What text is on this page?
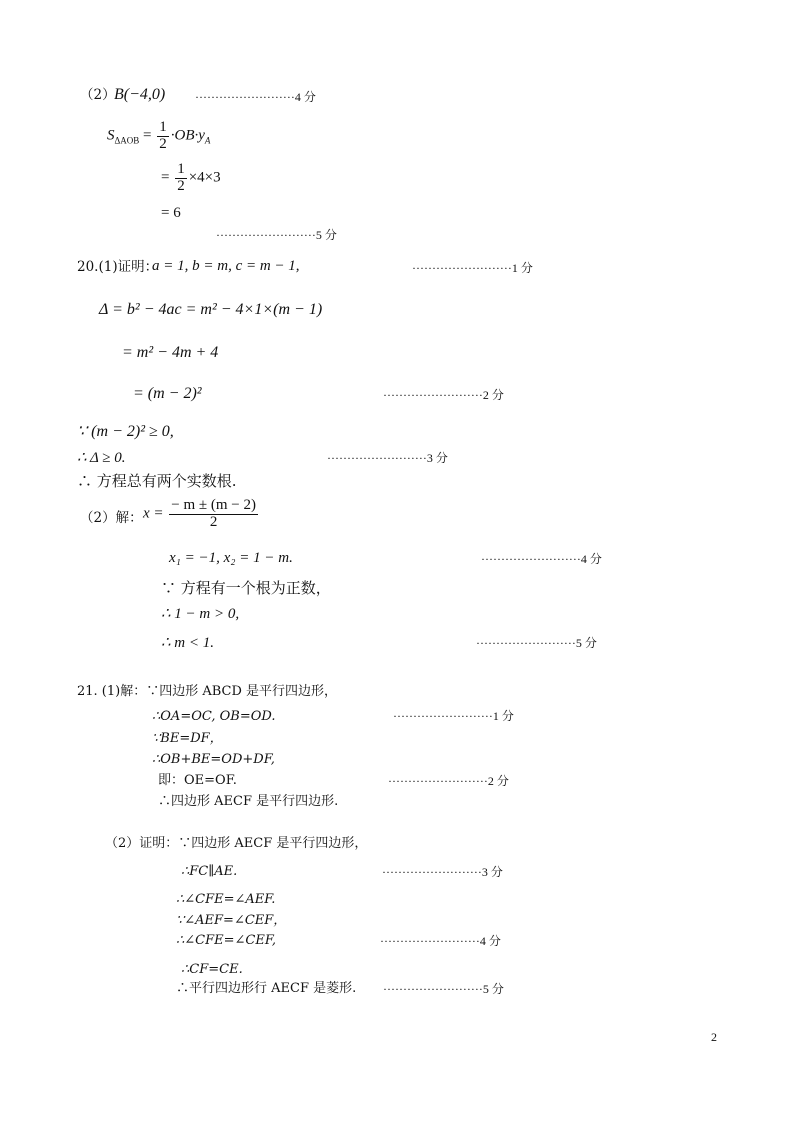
（2）
B(−4,0) ·························4 分
$S_{\Delta AOB} = \frac{1}{2} \cdot OB\cdot y_A$
= $\frac{1}{2} \times 4\times 3$
= 6
·························5 分
20.(1)证明：
a = 1, b = m, c = m − 1,	·························1 分
Δ = b² − 4ac = m² − 4×1×(m − 1)
= m² − 4m + 4
= (m − 2)²	·························2 分
∵ (m − 2)² ≥ 0,
∴ Δ ≥ 0.	·························3 分
∴ 方程总有两个实数根.
（2）解： $x = \frac{- m \pm (m - 2)}{2}$
x₁ = −1, x₂ = 1 − m.	·························4 分
∵ 方程有一个根为正数，
∴ 1 − m > 0,
∴ m < 1.	·························5 分
21. (1)解：∵四边形 ABCD 是平行四边形，
∴OA=OC, OB=OD.	·························1 分
∵BE=DF，
∴OB+BE=OD+DF,
即：OE=OF.	·························2 分
∴四边形 AECF 是平行四边形.
（2）证明：∵四边形 AECF 是平行四边形，
∴FC∥AE.	·························3 分
∴∠CFE=∠AEF.
∵∠AEF=∠CEF，
∴∠CFE=∠CEF,	·························4 分
∴CF=CE.
∴平行四边形行 AECF 是菱形. ·························5 分
2
